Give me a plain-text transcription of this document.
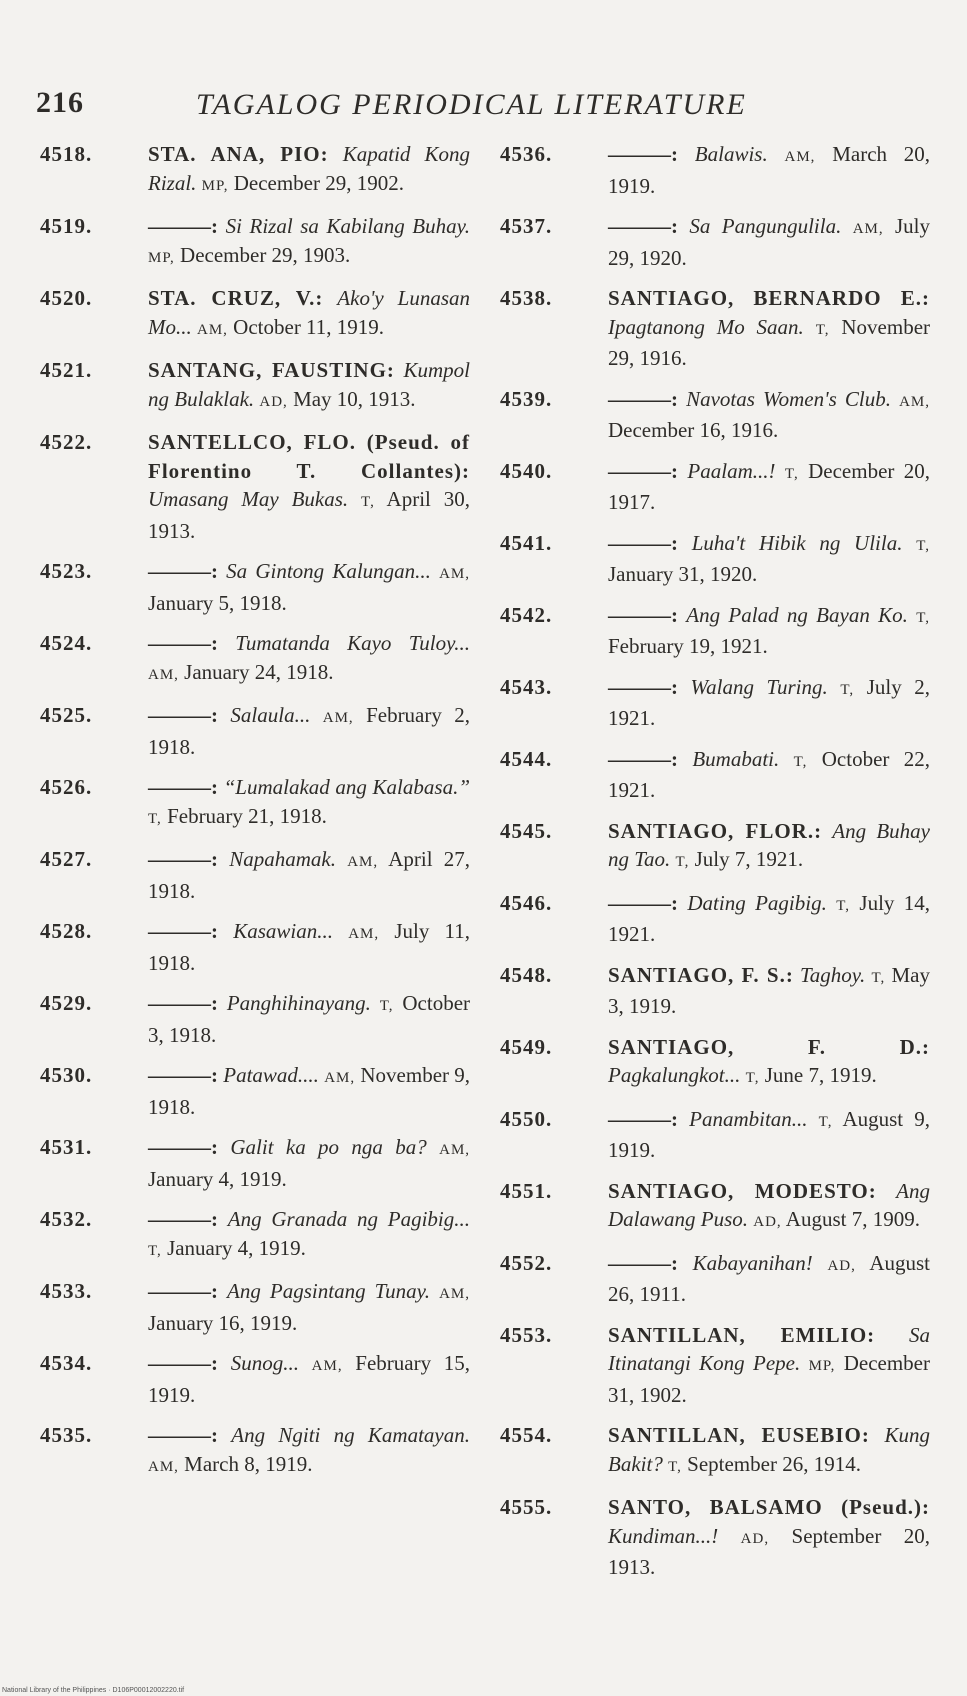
216	TAGALOG PERIODICAL LITERATURE
4518.	STA. ANA, PIO: Kapatid Kong Rizal. MP, December 29, 1902.
4519.	———: Si Rizal sa Kabilang Buhay. MP, December 29, 1903.
4520.	STA. CRUZ, V.: Ako'y Lunasan Mo... AM, October 11, 1919.
4521.	SANTANG, FAUSTING: Kumpol ng Bulaklak. AD, May 10, 1913.
4522.	SANTELLCO, FLO. (Pseud. of Florentino T. Collantes): Umasang May Bukas. T, April 30, 1913.
4523.	———: Sa Gintong Kalungan... AM, January 5, 1918.
4524.	———: Tumatanda Kayo Tuloy... AM, January 24, 1918.
4525.	———: Salaula... AM, February 2, 1918.
4526.	———: “Lumalakad ang Kalabasa.” T, February 21, 1918.
4527.	———: Napahamak. AM, April 27, 1918.
4528.	———: Kasawian... AM, July 11, 1918.
4529.	———: Panghihinayang. T, October 3, 1918.
4530.	———: Patawad.... AM, November 9, 1918.
4531.	———: Galit ka po nga ba? AM, January 4, 1919.
4532.	———: Ang Granada ng Pagibig... T, January 4, 1919.
4533.	———: Ang Pagsintang Tunay. AM, January 16, 1919.
4534.	———: Sunog... AM, February 15, 1919.
4535.	———: Ang Ngiti ng Kamatayan. AM, March 8, 1919.
4536.	———: Balawis. AM, March 20, 1919.
4537.	———: Sa Pangungulila. AM, July 29, 1920.
4538.	SANTIAGO, BERNARDO E.: Ipagtanong Mo Saan. T, November 29, 1916.
4539.	———: Navotas Women's Club. AM, December 16, 1916.
4540.	———: Paalam...! T, December 20, 1917.
4541.	———: Luha't Hibik ng Ulila. T, January 31, 1920.
4542.	———: Ang Palad ng Bayan Ko. T, February 19, 1921.
4543.	———: Walang Turing. T, July 2, 1921.
4544.	———: Bumabati. T, October 22, 1921.
4545.	SANTIAGO, FLOR.: Ang Buhay ng Tao. T, July 7, 1921.
4546.	———: Dating Pagibig. T, July 14, 1921.
4548.	SANTIAGO, F. S.: Taghoy. T, May 3, 1919.
4549.	SANTIAGO, F. D.: Pagkalungkot... T, June 7, 1919.
4550.	———: Panambitan... T, August 9, 1919.
4551.	SANTIAGO, MODESTO: Ang Dalawang Puso. AD, August 7, 1909.
4552.	———: Kabayanihan! AD, August 26, 1911.
4553.	SANTILLAN, EMILIO: Sa Itinatangi Kong Pepe. MP, December 31, 1902.
4554.	SANTILLAN, EUSEBIO: Kung Bakit? T, September 26, 1914.
4555.	SANTO, BALSAMO (Pseud.): Kundiman...! AD, September 20, 1913.
National Library of the Philippines · D106P00012002220.tif
